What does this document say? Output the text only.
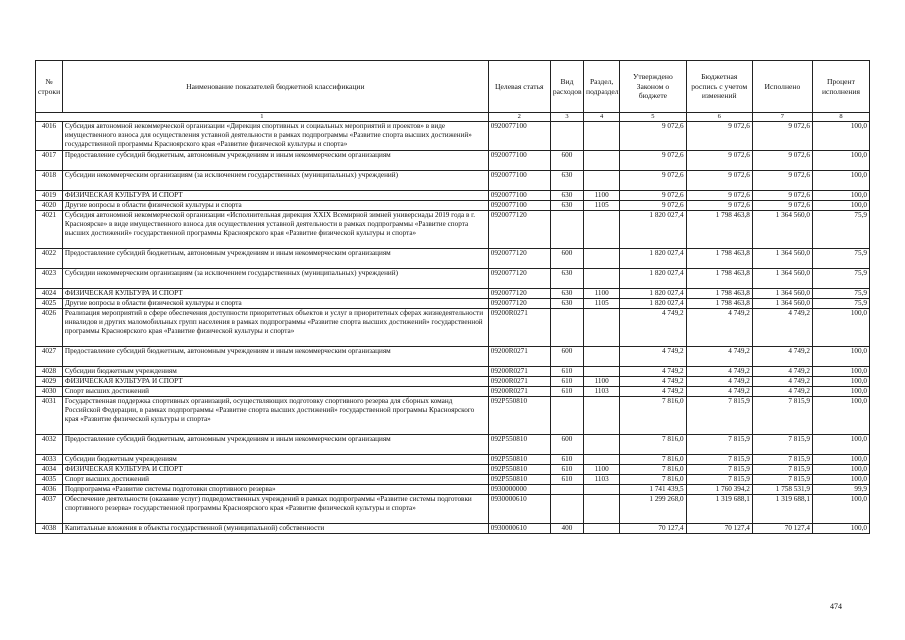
№ строки	Наименование показателей бюджетной классификации	Целевая статья	Вид расходов	Раздел, подраздел	Утверждено Законом о бюджете	Бюджетная роспись с учетом изменений	Исполнено	Процент исполнения
1		2	3	4	5	6	7	8
4016	Субсидия автономной некоммерческой организации «Дирекция спортивных и социальных мероприятий и проектов» в виде имущественного взноса для осуществления уставной деятельности в рамках подпрограммы «Развитие спорта высших достижений» государственной программы Красноярского края «Развитие физической культуры и спорта»	0920077100			9 072,6	9 072,6	9 072,6	100,0
4017	Предоставление субсидий бюджетным, автономным учреждениям и иным некоммерческим организациям	0920077100	600		9 072,6	9 072,6	9 072,6	100,0
4018	Субсидии некоммерческим организациям (за исключением государственных (муниципальных) учреждений)	0920077100	630		9 072,6	9 072,6	9 072,6	100,0
4019	ФИЗИЧЕСКАЯ КУЛЬТУРА И СПОРТ	0920077100	630	1100	9 072,6	9 072,6	9 072,6	100,0
4020	Другие вопросы в области физической культуры и спорта	0920077100	630	1105	9 072,6	9 072,6	9 072,6	100,0
4021	Субсидия автономной некоммерческой организации «Исполнительная дирекция XXIX Всемирной зимней универсиады 2019 года в г. Красноярске» в виде имущественного взноса для осуществления уставной деятельности в рамках подпрограммы «Развитие спорта высших достижений» государственной программы Красноярского края «Развитие физической культуры и спорта»	0920077120			1 820 027,4	1 798 463,8	1 364 560,0	75,9
4022	Предоставление субсидий бюджетным, автономным учреждениям и иным некоммерческим организациям	0920077120	600		1 820 027,4	1 798 463,8	1 364 560,0	75,9
4023	Субсидии некоммерческим организациям (за исключением государственных (муниципальных) учреждений)	0920077120	630		1 820 027,4	1 798 463,8	1 364 560,0	75,9
4024	ФИЗИЧЕСКАЯ КУЛЬТУРА И СПОРТ	0920077120	630	1100	1 820 027,4	1 798 463,8	1 364 560,0	75,9
4025	Другие вопросы в области физической культуры и спорта	0920077120	630	1105	1 820 027,4	1 798 463,8	1 364 560,0	75,9
4026	Реализация мероприятий в сфере обеспечения доступности приоритетных объектов и услуг в приоритетных сферах жизнедеятельности инвалидов и других маломобильных групп населения в рамках подпрограммы «Развитие спорта высших достижений» государственной программы Красноярского края «Развитие физической культуры и спорта»	09200R0271			4 749,2	4 749,2	4 749,2	100,0
4027	Предоставление субсидий бюджетным, автономным учреждениям и иным некоммерческим организациям	09200R0271	600		4 749,2	4 749,2	4 749,2	100,0
4028	Субсидии бюджетным учреждениям	09200R0271	610		4 749,2	4 749,2	4 749,2	100,0
4029	ФИЗИЧЕСКАЯ КУЛЬТУРА И СПОРТ	09200R0271	610	1100	4 749,2	4 749,2	4 749,2	100,0
4030	Спорт высших достижений	09200R0271	610	1103	4 749,2	4 749,2	4 749,2	100,0
4031	Государственная поддержка спортивных организаций, осуществляющих подготовку спортивного резерва для сборных команд Российской Федерации, в рамках подпрограммы «Развитие спорта высших достижений» государственной программы Красноярского края «Развитие физической культуры и спорта»	092P550810			7 816,0	7 815,9	7 815,9	100,0
4032	Предоставление субсидий бюджетным, автономным учреждениям и иным некоммерческим организациям	092P550810	600		7 816,0	7 815,9	7 815,9	100,0
4033	Субсидии бюджетным учреждениям	092P550810	610		7 816,0	7 815,9	7 815,9	100,0
4034	ФИЗИЧЕСКАЯ КУЛЬТУРА И СПОРТ	092P550810	610	1100	7 816,0	7 815,9	7 815,9	100,0
4035	Спорт высших достижений	092P550810	610	1103	7 816,0	7 815,9	7 815,9	100,0
4036	Подпрограмма «Развитие системы подготовки спортивного резерва»	0930000000			1 741 439,5	1 760 394,2	1 758 531,9	99,9
4037	Обеспечение деятельности (оказание услуг) подведомственных учреждений в рамках подпрограммы «Развитие системы подготовки спортивного резерва» государственной программы Красноярского края «Развитие физической культуры и спорта»	0930000610			1 299 268,0	1 319 688,1	1 319 688,1	100,0
4038	Капитальные вложения в объекты государственной (муниципальной) собственности	0930000610	400		70 127,4	70 127,4	70 127,4	100,0
474
